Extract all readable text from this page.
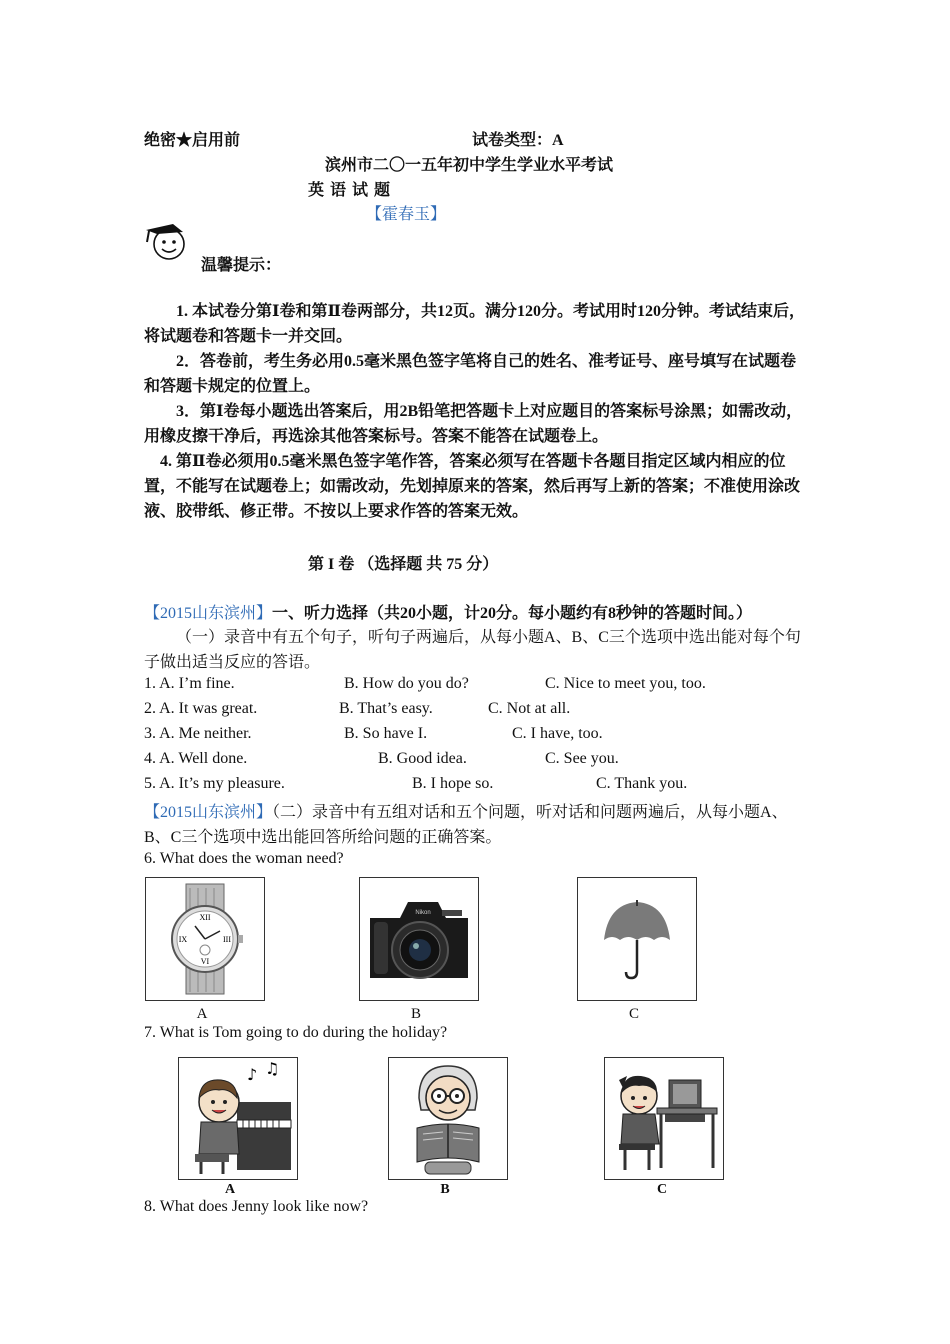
绝密★启用前	试卷类型：A
滨州市二〇一五年初中学生学业水平考试
英 语 试 题
【霍春玉】
温馨提示：
1. 本试卷分第Ⅰ卷和第Ⅱ卷两部分，共12页。满分120分。考试用时120分钟。考试结束后，将试题卷和答题卡一并交回。
2．答卷前，考生务必用0.5毫米黑色签字笔将自己的姓名、准考证号、座号填写在试题卷和答题卡规定的位置上。
3．第Ⅰ卷每小题选出答案后，用2B铅笔把答题卡上对应题目的答案标号涂黑；如需改动，用橡皮擦干净后，再选涂其他答案标号。答案不能答在试题卷上。
4. 第Ⅱ卷必须用0.5毫米黑色签字笔作答，答案必须写在答题卡各题目指定区域内相应的位置，不能写在试题卷上；如需改动，先划掉原来的答案，然后再写上新的答案；不准使用涂改液、胶带纸、修正带。不按以上要求作答的答案无效。
第 I 卷 （选择题 共 75 分）
【2015山东滨州】一、听力选择（共20小题，计20分。每小题约有8秒钟的答题时间。）
（一）录音中有五个句子，听句子两遍后，从每小题A、B、C三个选项中选出能对每个句子做出适当反应的答语。
1. A. I’m fine.	B. How do you do?	C. Nice to meet you, too.
2. A. It was great.	B. That’s easy.	C. Not at all.
3. A. Me neither.	B. So have I.	C. I have, too.
4. A. Well done.	B. Good idea.	C. See you.
5. A. It’s my pleasure.	B. I hope so.	C. Thank you.
【2015山东滨州】（二）录音中有五组对话和五个问题，听对话和问题两遍后，从每小题A、B、C三个选项中选出能回答所给问题的正确答案。
6. What does the woman need?
XII
VI
IX	III
Nikon
A	B	C
7. What is Tom going to do during the holiday?
♪ ♫
A	B	C
8. What does Jenny look like now?
